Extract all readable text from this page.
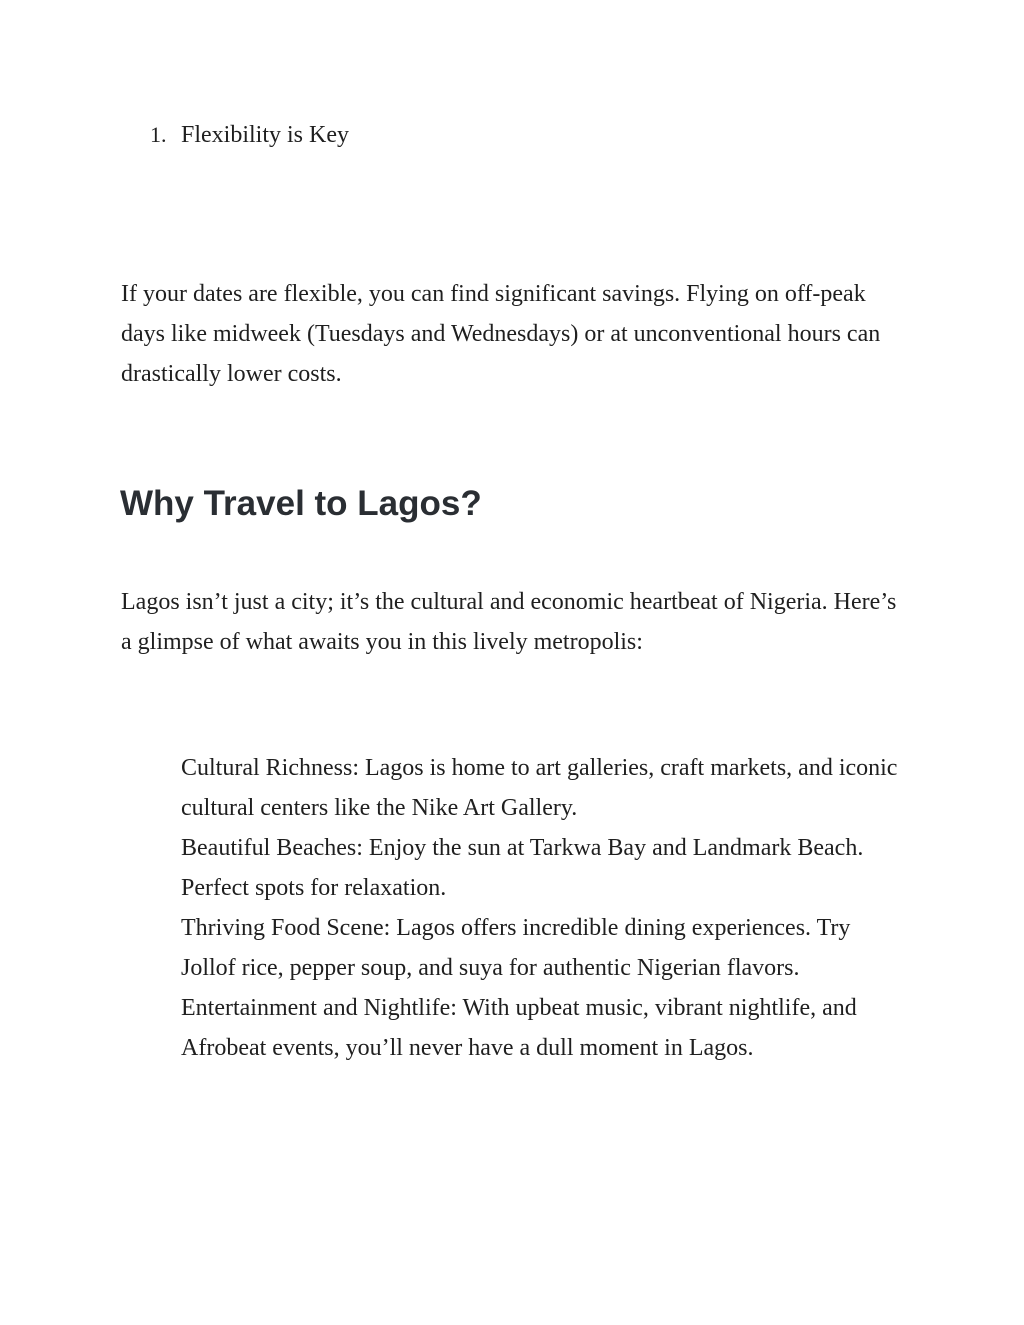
1. Flexibility is Key

If your dates are flexible, you can find significant savings. Flying on off-peak days like midweek (Tuesdays and Wednesdays) or at unconventional hours can drastically lower costs.

Why Travel to Lagos?

Lagos isn’t just a city; it’s the cultural and economic heartbeat of Nigeria. Here’s a glimpse of what awaits you in this lively metropolis:

Cultural Richness: Lagos is home to art galleries, craft markets, and iconic cultural centers like the Nike Art Gallery.
Beautiful Beaches: Enjoy the sun at Tarkwa Bay and Landmark Beach. Perfect spots for relaxation.
Thriving Food Scene: Lagos offers incredible dining experiences. Try Jollof rice, pepper soup, and suya for authentic Nigerian flavors.
Entertainment and Nightlife: With upbeat music, vibrant nightlife, and Afrobeat events, you’ll never have a dull moment in Lagos.
